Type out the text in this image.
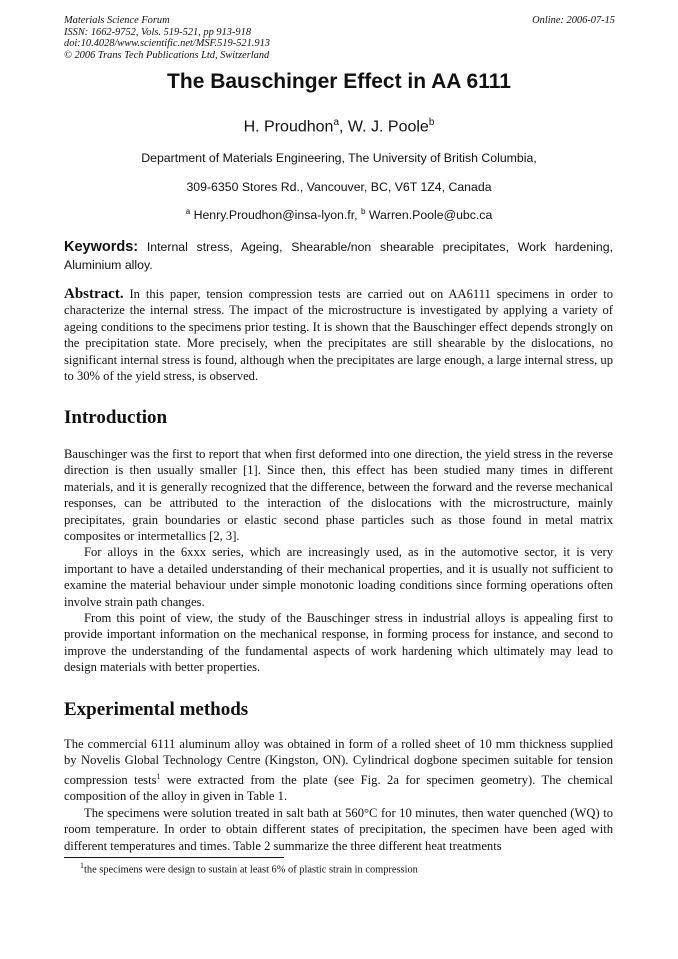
Materials Science Forum
ISSN: 1662-9752, Vols. 519-521, pp 913-918
doi:10.4028/www.scientific.net/MSF.519-521.913
© 2006 Trans Tech Publications Ltd, Switzerland
Online: 2006-07-15
The Bauschinger Effect in AA 6111
H. Proudhon$^a$, W. J. Poole$^b$
Department of Materials Engineering, The University of British Columbia,
309-6350 Stores Rd., Vancouver, BC, V6T 1Z4, Canada
$^a$ Henry.Proudhon@insa-lyon.fr, $^b$ Warren.Poole@ubc.ca
Keywords: Internal stress, Ageing, Shearable/non shearable precipitates, Work hardening, Aluminium alloy.

Abstract. In this paper, tension compression tests are carried out on AA6111 specimens in order to characterize the internal stress. The impact of the microstructure is investigated by applying a variety of ageing conditions to the specimens prior testing. It is shown that the Bauschinger effect depends strongly on the precipitation state. More precisely, when the precipitates are still shearable by the dislocations, no significant internal stress is found, although when the precipitates are large enough, a large internal stress, up to 30% of the yield stress, is observed.

Introduction

Bauschinger was the first to report that when first deformed into one direction, the yield stress in the reverse direction is then usually smaller [1]. Since then, this effect has been studied many times in different materials, and it is generally recognized that the difference, between the forward and the reverse mechanical responses, can be attributed to the interaction of the dislocations with the microstructure, mainly precipitates, grain boundaries or elastic second phase particles such as those found in metal matrix composites or intermetallics [2, 3].

For alloys in the 6xxx series, which are increasingly used, as in the automotive sector, it is very important to have a detailed understanding of their mechanical properties, and it is usually not sufficient to examine the material behaviour under simple monotonic loading conditions since forming operations often involve strain path changes.

From this point of view, the study of the Bauschinger stress in industrial alloys is appealing first to provide important information on the mechanical response, in forming process for instance, and second to improve the understanding of the fundamental aspects of work hardening which ultimately may lead to design materials with better properties.

Experimental methods

The commercial 6111 aluminum alloy was obtained in form of a rolled sheet of 10 mm thickness supplied by Novelis Global Technology Centre (Kingston, ON). Cylindrical dogbone specimen suitable for tension compression tests$^1$ were extracted from the plate (see Fig. 2a for specimen geometry). The chemical composition of the alloy in given in Table 1.

The specimens were solution treated in salt bath at 560°C for 10 minutes, then water quenched (WQ) to room temperature. In order to obtain different states of precipitation, the specimen have been aged with different temperatures and times. Table 2 summarize the three different heat treatments

$^1$the specimens were design to sustain at least 6% of plastic strain in compression
